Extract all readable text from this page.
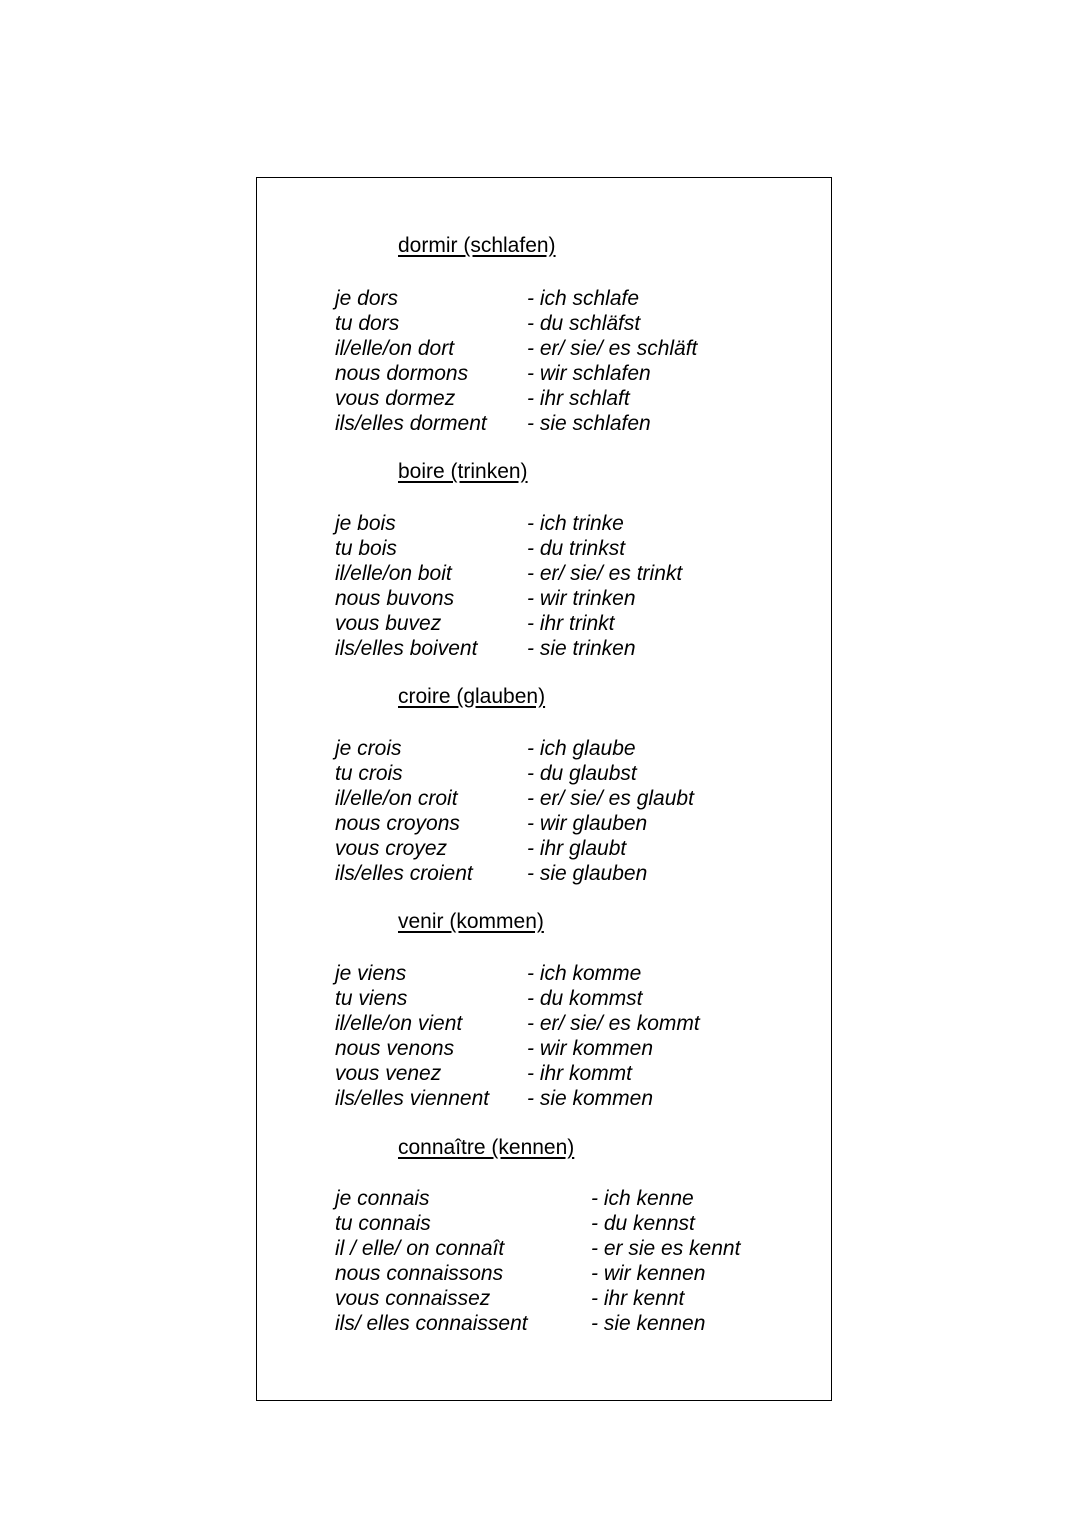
dormir (schlafen)
je dors
tu dors
il/elle/on dort
nous dormons
vous dormez
ils/elles dorment
- ich schlafe
- du schläfst
- er/ sie/ es schläft
- wir schlafen
- ihr schlaft
- sie schlafen
boire (trinken)
je bois
tu bois
il/elle/on boit
nous buvons
vous buvez
ils/elles boivent
- ich trinke
- du trinkst
- er/ sie/ es trinkt
- wir trinken
- ihr trinkt
- sie trinken
croire (glauben)
je crois
tu crois
il/elle/on croit
nous croyons
vous croyez
ils/elles croient
- ich glaube
- du glaubst
- er/ sie/ es glaubt
- wir glauben
- ihr glaubt
- sie glauben
venir (kommen)
je viens
tu viens
il/elle/on vient
nous venons
vous venez
ils/elles viennent
- ich komme
- du kommst
- er/ sie/ es kommt
- wir kommen
- ihr kommt
- sie kommen
connaître (kennen)
je connais
tu connais
il / elle/ on connaît
nous connaissons
vous connaissez
ils/ elles connaissent
- ich kenne
- du kennst
- er sie es kennt
- wir kennen
- ihr kennt
- sie kennen
